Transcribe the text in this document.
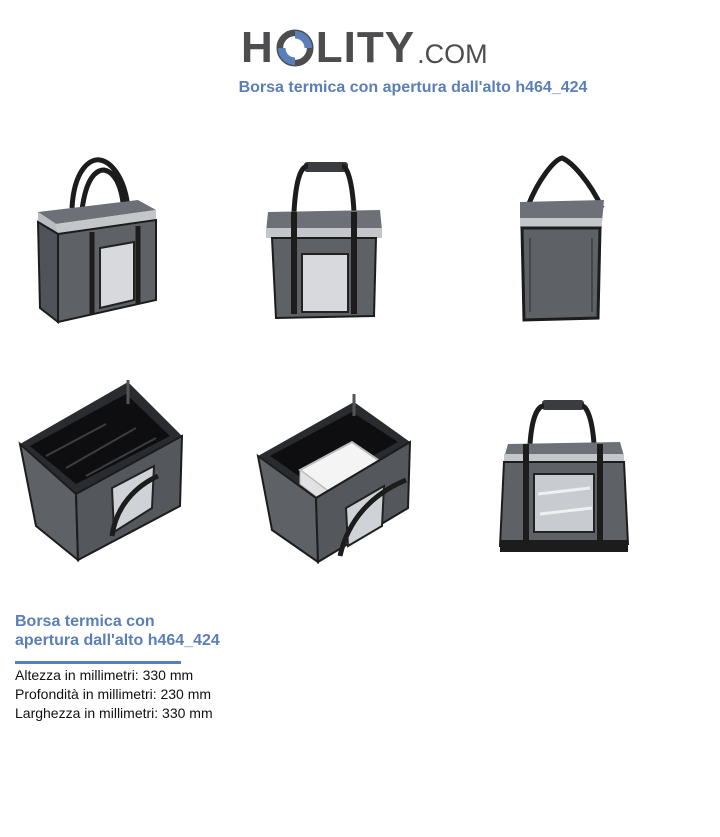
H LITY .COM
Borsa termica con apertura dall'alto h464_424
Borsa termica con
apertura dall'alto h464_424
Altezza in millimetri: 330 mm
Profondità in millimetri: 230 mm
Larghezza in millimetri: 330 mm
